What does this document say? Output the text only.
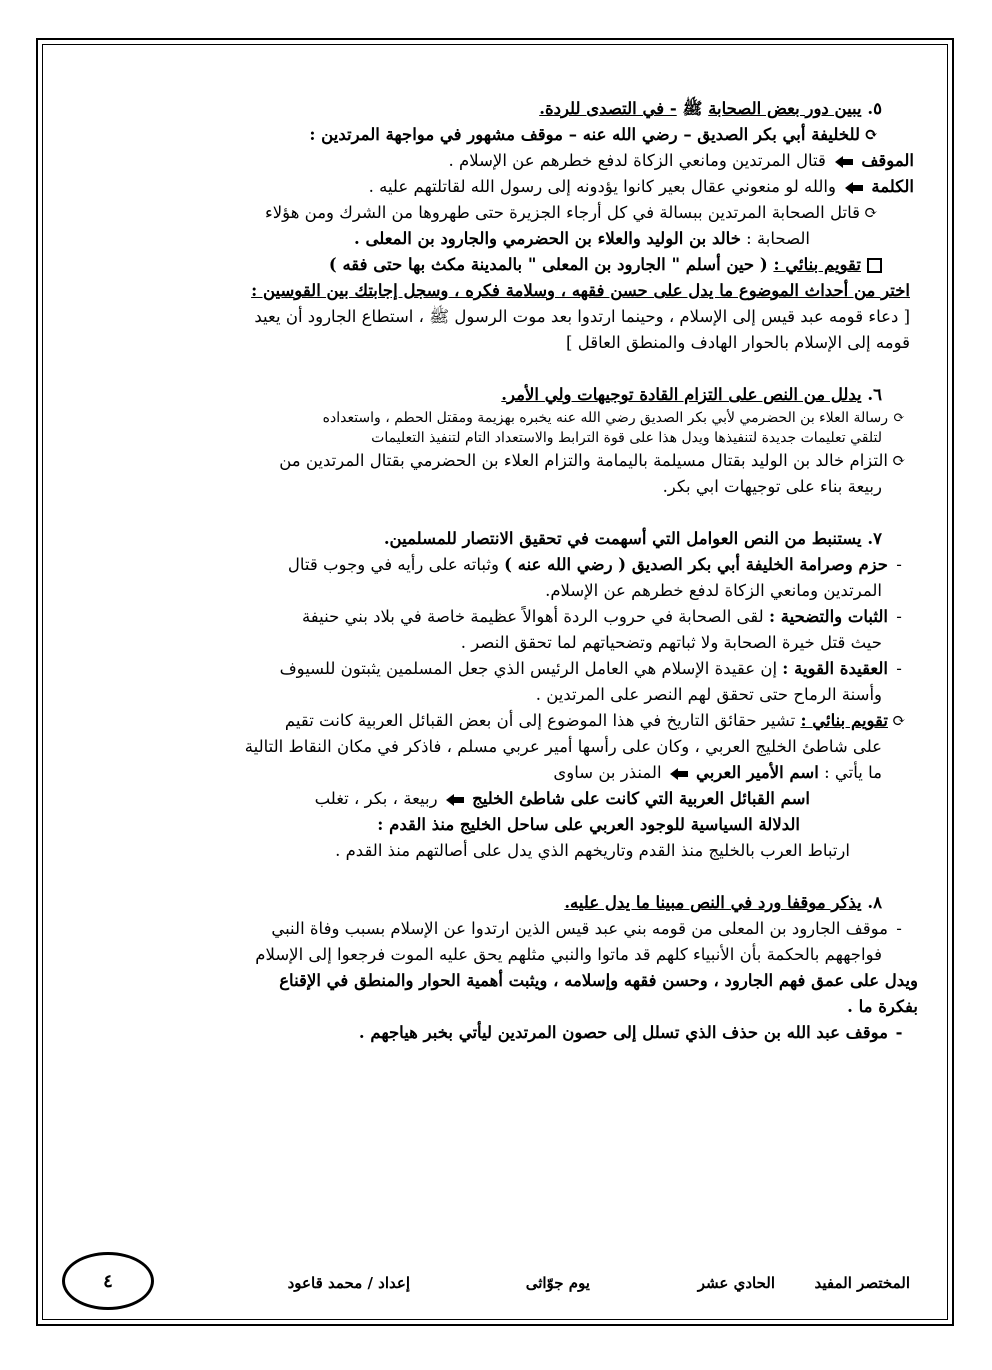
٥. يبين دور بعض الصحابة ﷺ - في التصدى للردة.

⟳للخليفة أبي بكر الصديق – رضي الله عنه – موقف مشهور في مواجهة المرتدين :

الموقف  قتال المرتدين ومانعي الزكاة لدفع خطرهم عن الإسلام .

الكلمة  والله لو منعوني عقال بعير كانوا يؤدونه إلى رسول الله لقاتلتهم عليه .

⟳قاتل الصحابة المرتدين ببسالة في كل أرجاء الجزيرة حتى طهروها من الشرك ومن هؤلاء

الصحابة : خالد بن الوليد والعلاء بن الحضرمي والجارود بن المعلى .

تقويم بنائي : ( حين أسلم " الجارود بن المعلى " بالمدينة مكث بها حتى فقه )

اختر من أحداث الموضوع ما يدل على حسن فقهه ، وسلامة فكره ، وسجل إجابتك بين القوسين :

[ دعاء قومه عبد قيس إلى الإسلام ، وحينما ارتدوا بعد موت الرسول ﷺ ، استطاع الجارود أن يعيد

قومه إلى الإسلام بالحوار الهادف والمنطق العاقل ]

٦. يدلل من النص على التزام القادة توجيهات ولي الأمر.

⟳رسالة العلاء بن الحضرمي لأبي بكر الصديق رضي الله عنه يخبره بهزيمة ومقتل الحطم ، واستعداده

لتلقي تعليمات جديدة لتنفيذها ويدل هذا على قوة الترابط والاستعداد التام لتنفيذ التعليمات

⟳التزام خالد بن الوليد بقتال مسيلمة باليمامة والتزام العلاء بن الحضرمي بقتال المرتدين من

ربيعة بناء على توجيهات ابي بكر.

٧. يستنبط من النص العوامل التي أسهمت في تحقيق الانتصار للمسلمين.

-حزم وصرامة الخليفة أبي بكر الصديق ( رضي الله عنه ) وثباته على رأيه في وجوب قتال

المرتدين ومانعي الزكاة لدفع خطرهم عن الإسلام.

-الثبات والتضحية : لقى الصحابة في حروب الردة أهوالاً عظيمة خاصة في بلاد بني حنيفة

حيث قتل خيرة الصحابة ولا ثباتهم وتضحياتهم لما تحقق النصر .

-العقيدة القوية : إن عقيدة الإسلام هي العامل الرئيس الذي جعل المسلمين يثبتون للسيوف

وأسنة الرماح حتى تحقق لهم النصر على المرتدين .

⟳تقويم بنائي : تشير حقائق التاريخ في هذا الموضوع إلى أن بعض القبائل العربية كانت تقيم

على شاطئ الخليج العربي ، وكان على رأسها أمير عربي مسلم ، فاذكر في مكان النقاط التالية

ما يأتي : اسم الأمير العربي  المنذر بن ساوى

اسم القبائل العربية التي كانت على شاطئ الخليج  ربيعة ، بكر ، تغلب

الدلالة السياسية للوجود العربي على ساحل الخليج منذ القدم :

ارتباط العرب بالخليج منذ القدم وتاريخهم الذي يدل على أصالتهم منذ القدم .

٨. يذكر موقفا ورد في النص مبينا ما يدل عليه.

-موقف الجارود بن المعلى من قومه بني عبد قيس الذين ارتدوا عن الإسلام بسبب وفاة النبي

فواجههم بالحكمة بأن الأنبياء كلهم قد ماتوا والنبي مثلهم يحق عليه الموت فرجعوا إلى الإسلام

ويدل على عمق فهم الجارود ، وحسن فقهه وإسلامه ، ويثبت أهمية الحوار والمنطق في الإقناع

بفكرة ما .

-موقف عبد الله بن حذف الذي تسلل إلى حصون المرتدين ليأتي بخبر هياجهم .

المختصر المفيد
الحادي عشر
يوم جوّاثى
إعداد / محمد قاعود
٤
